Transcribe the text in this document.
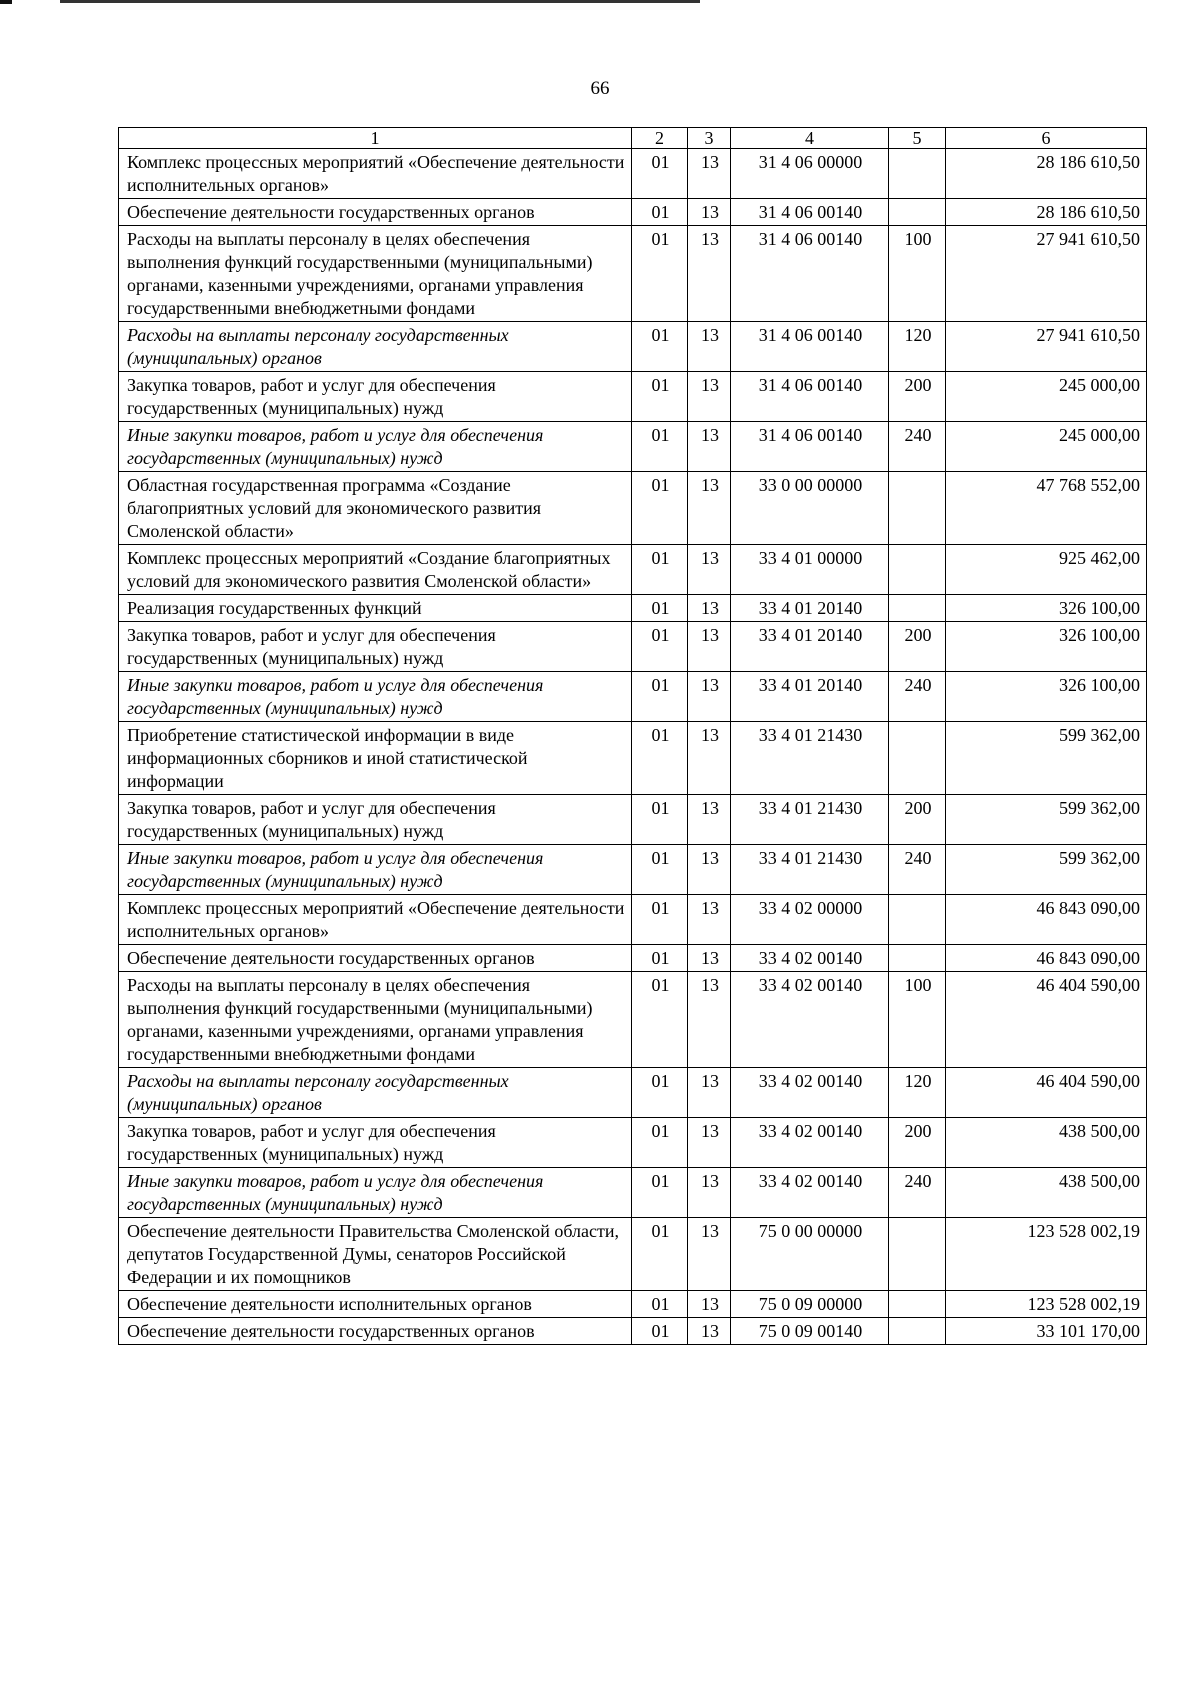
66
1	2	3	4	5	6
Комплекс процессных мероприятий «Обеспечение деятельности исполнительных органов»	01	13	31 4 06 00000		28 186 610,50
Обеспечение деятельности государственных органов	01	13	31 4 06 00140		28 186 610,50
Расходы на выплаты персоналу в целях обеспечения выполнения функций государственными (муниципальными) органами, казенными учреждениями, органами управления государственными внебюджетными фондами	01	13	31 4 06 00140	100	27 941 610,50
Расходы на выплаты персоналу государственных (муниципальных) органов	01	13	31 4 06 00140	120	27 941 610,50
Закупка товаров, работ и услуг для обеспечения государственных (муниципальных) нужд	01	13	31 4 06 00140	200	245 000,00
Иные закупки товаров, работ и услуг для обеспечения государственных (муниципальных) нужд	01	13	31 4 06 00140	240	245 000,00
Областная государственная программа «Создание благоприятных условий для экономического развития Смоленской области»	01	13	33 0 00 00000		47 768 552,00
Комплекс процессных мероприятий «Создание благоприятных условий для экономического развития Смоленской области»	01	13	33 4 01 00000		925 462,00
Реализация государственных функций	01	13	33 4 01 20140		326 100,00
Закупка товаров, работ и услуг для обеспечения государственных (муниципальных) нужд	01	13	33 4 01 20140	200	326 100,00
Иные закупки товаров, работ и услуг для обеспечения государственных (муниципальных) нужд	01	13	33 4 01 20140	240	326 100,00
Приобретение статистической информации в виде информационных сборников и иной статистической информации	01	13	33 4 01 21430		599 362,00
Закупка товаров, работ и услуг для обеспечения государственных (муниципальных) нужд	01	13	33 4 01 21430	200	599 362,00
Иные закупки товаров, работ и услуг для обеспечения государственных (муниципальных) нужд	01	13	33 4 01 21430	240	599 362,00
Комплекс процессных мероприятий «Обеспечение деятельности исполнительных органов»	01	13	33 4 02 00000		46 843 090,00
Обеспечение деятельности государственных органов	01	13	33 4 02 00140		46 843 090,00
Расходы на выплаты персоналу в целях обеспечения выполнения функций государственными (муниципальными) органами, казенными учреждениями, органами управления государственными внебюджетными фондами	01	13	33 4 02 00140	100	46 404 590,00
Расходы на выплаты персоналу государственных (муниципальных) органов	01	13	33 4 02 00140	120	46 404 590,00
Закупка товаров, работ и услуг для обеспечения государственных (муниципальных) нужд	01	13	33 4 02 00140	200	438 500,00
Иные закупки товаров, работ и услуг для обеспечения государственных (муниципальных) нужд	01	13	33 4 02 00140	240	438 500,00
Обеспечение деятельности Правительства Смоленской области, депутатов Государственной Думы, сенаторов Российской Федерации и их помощников	01	13	75 0 00 00000		123 528 002,19
Обеспечение деятельности исполнительных органов	01	13	75 0 09 00000		123 528 002,19
Обеспечение деятельности государственных органов	01	13	75 0 09 00140		33 101 170,00
